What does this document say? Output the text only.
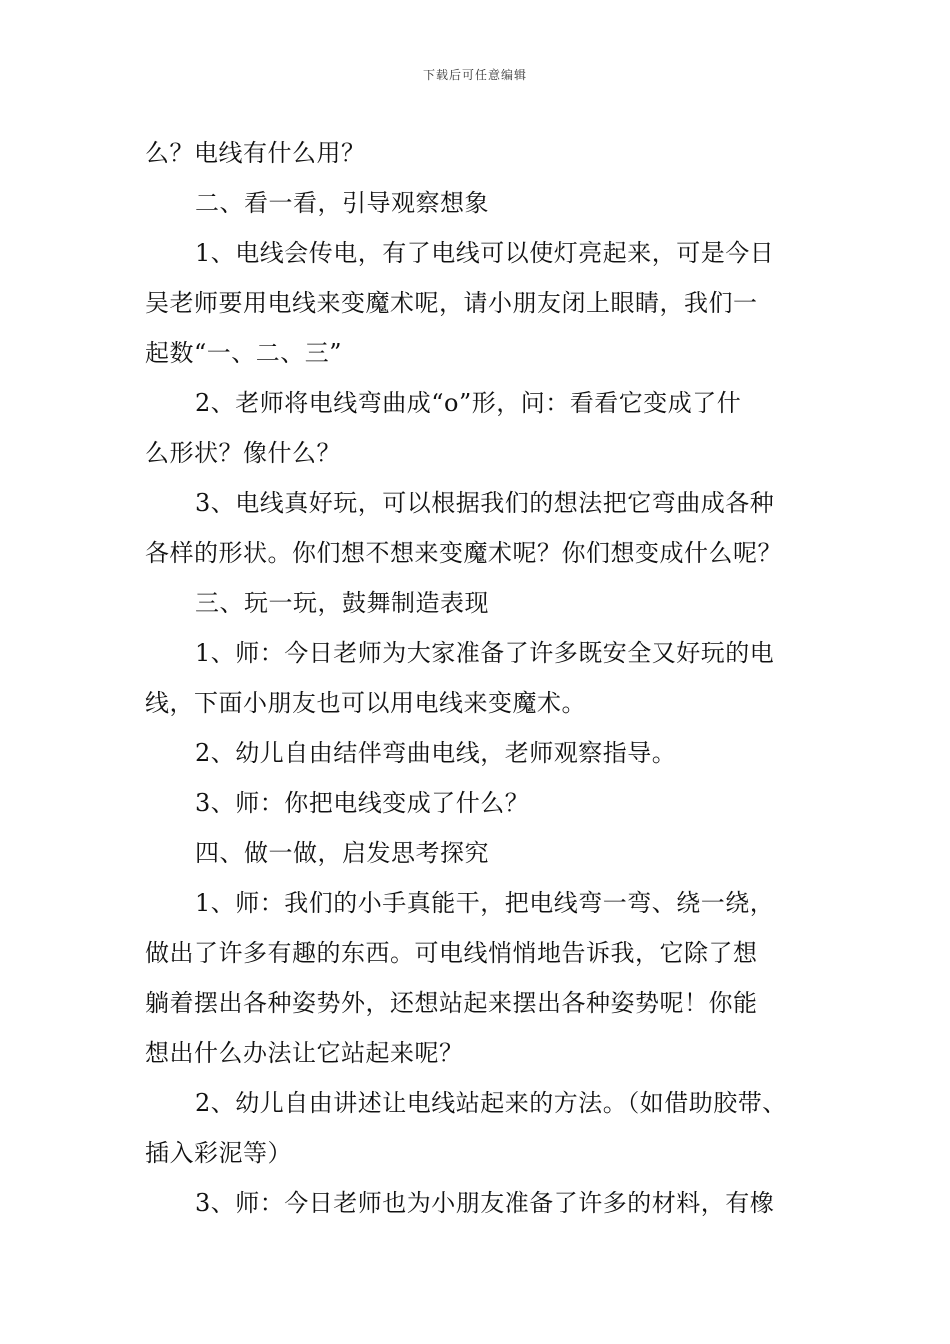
下载后可任意编辑
么？电线有什么用？
二、看一看，引导观察想象
1、电线会传电，有了电线可以使灯亮起来，可是今日
吴老师要用电线来变魔术呢，请小朋友闭上眼睛，我们一
起数“一、二、三”
2、老师将电线弯曲成“o”形，问：看看它变成了什
么形状？像什么？
3、电线真好玩，可以根据我们的想法把它弯曲成各种
各样的形状。你们想不想来变魔术呢？你们想变成什么呢？
三、玩一玩，鼓舞制造表现
1、师：今日老师为大家准备了许多既安全又好玩的电
线，下面小朋友也可以用电线来变魔术。
2、幼儿自由结伴弯曲电线，老师观察指导。
3、师：你把电线变成了什么？
四、做一做，启发思考探究
1、师：我们的小手真能干，把电线弯一弯、绕一绕，
做出了许多有趣的东西。可电线悄悄地告诉我，它除了想
躺着摆出各种姿势外，还想站起来摆出各种姿势呢！你能
想出什么办法让它站起来呢？
2、幼儿自由讲述让电线站起来的方法。（如借助胶带、
插入彩泥等）
3、师：今日老师也为小朋友准备了许多的材料，有橡
